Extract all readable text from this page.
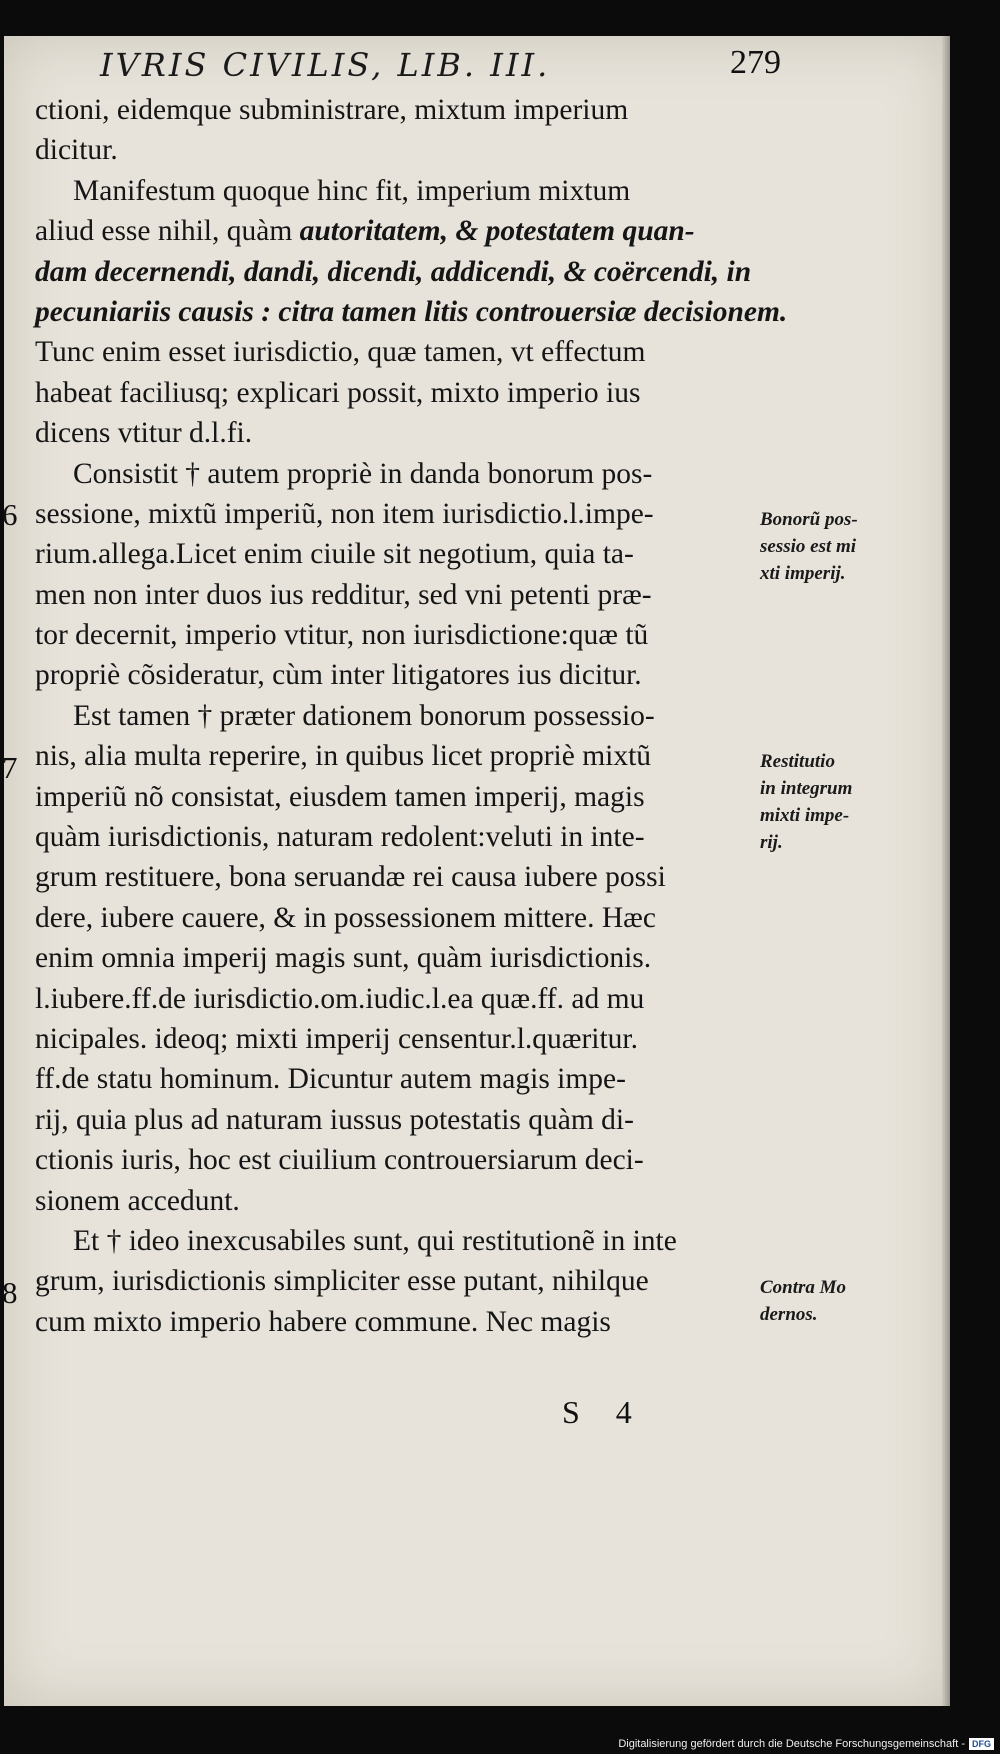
IVRIS CIVILIS, LIB. III.	279
ctioni, eidemque subministrare, mixtum imperium
dicitur.
Manifestum quoque hinc fit, imperium mixtum
aliud esse nihil, quàm autoritatem, & potestatem quan-
dam decernendi, dandi, dicendi, addicendi, & coërcendi, in
pecuniariis causis : citra tamen litis controuersiæ decisionem.
Tunc enim esset iurisdictio, quæ tamen, vt effectum
habeat faciliusq; explicari possit, mixto imperio ius
dicens vtitur d.l.fi.
Consistit † autem propriè in danda bonorum pos-
sessione, mixtũ imperiũ, non item iurisdictio.l.impe-
rium.allega.Licet enim ciuile sit negotium, quia ta-
men non inter duos ius redditur, sed vni petenti præ-
tor decernit, imperio vtitur, non iurisdictione:quæ tũ
propriè cõsideratur, cùm inter litigatores ius dicitur.
Est tamen † præter dationem bonorum possessio-
nis, alia multa reperire, in quibus licet propriè mixtũ
imperiũ nõ consistat, eiusdem tamen imperij, magis
quàm iurisdictionis, naturam redolent:veluti in inte-
grum restituere, bona seruandæ rei causa iubere possi
dere, iubere cauere, & in possessionem mittere. Hæc
enim omnia imperij magis sunt, quàm iurisdictionis.
l.iubere.ff.de iurisdictio.om.iudic.l.ea quæ.ff. ad mu
nicipales. ideoq; mixti imperij censentur.l.quæritur.
ff.de statu hominum. Dicuntur autem magis impe-
rij, quia plus ad naturam iussus potestatis quàm di-
ctionis iuris, hoc est ciuilium controuersiarum deci-
sionem accedunt.
Et † ideo inexcusabiles sunt, qui restitutionẽ in inte
grum, iurisdictionis simpliciter esse putant, nihilque
cum mixto imperio habere commune. Nec magis
6
7
8
Bonorũ pos-
sessio est mi
xti imperij.
Restitutio
in integrum
mixti impe-
rij.
Contra Mo
dernos.
S 4
Digitalisierung gefördert durch die Deutsche Forschungsgemeinschaft - DFG
